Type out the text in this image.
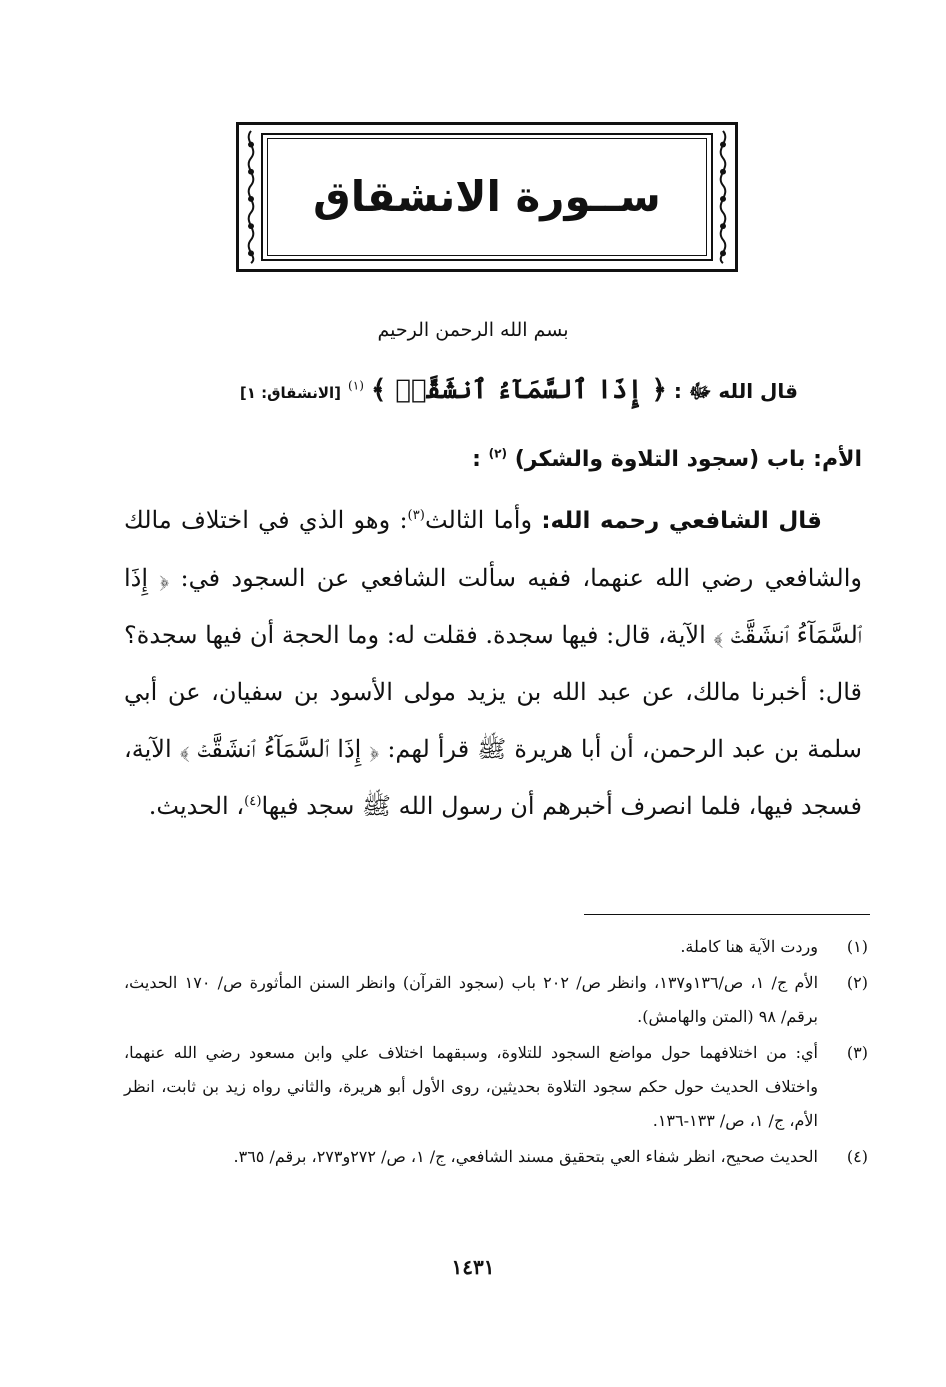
ســورة الانشقاق
بسم الله الرحمن الرحيم
قال الله ﷻ : ﴿ إِذَا ٱلسَّمَآءُ ٱنشَقَّتۡ ﴾ $^{(١)}$ [الانشقاق: ١]
الأم: باب (سجود التلاوة والشكر) $^{(٢)}$ :

قال الشافعي رحمه الله: وأما الثالث$^{(٣)}$: وهو الذي في اختلاف مالك والشافعي رضي الله عنهما، ففيه سألت الشافعي عن السجود في: ﴿ إِذَا ٱلسَّمَآءُ ٱنشَقَّتۡ ﴾ الآية، قال: فيها سجدة. فقلت له: وما الحجة أن فيها سجدة؟ قال: أخبرنا مالك، عن عبد الله بن يزيد مولى الأسود بن سفيان، عن أبي سلمة بن عبد الرحمن، أن أبا هريرة ﷺ قرأ لهم: ﴿ إِذَا ٱلسَّمَآءُ ٱنشَقَّتۡ ﴾ الآية، فسجد فيها، فلما انصرف أخبرهم أن رسول الله ﷺ سجد فيها$^{(٤)}$، الحديث.

(١)
وردت الآية هنا كاملة.
(٢)
الأم ج/ ١، ص/١٣٦و١٣٧، وانظر ص/ ٢٠٢ باب (سجود القرآن) وانظر السنن المأثورة ص/ ١٧٠ الحديث، برقم/ ٩٨ (المتن والهامش).
(٣)
أي: من اختلافهما حول مواضع السجود للتلاوة، وسبقهما اختلاف علي وابن مسعود رضي الله عنهما، واختلاف الحديث حول حكم سجود التلاوة بحديثين، روى الأول أبو هريرة، والثاني رواه زيد بن ثابت، انظر الأم، ج/ ١، ص/ ١٣٣-١٣٦.
(٤)
الحديث صحيح، انظر شفاء العي بتحقيق مسند الشافعي، ج/ ١، ص/ ٢٧٢و٢٧٣، برقم/ ٣٦٥.
١٤٣١
